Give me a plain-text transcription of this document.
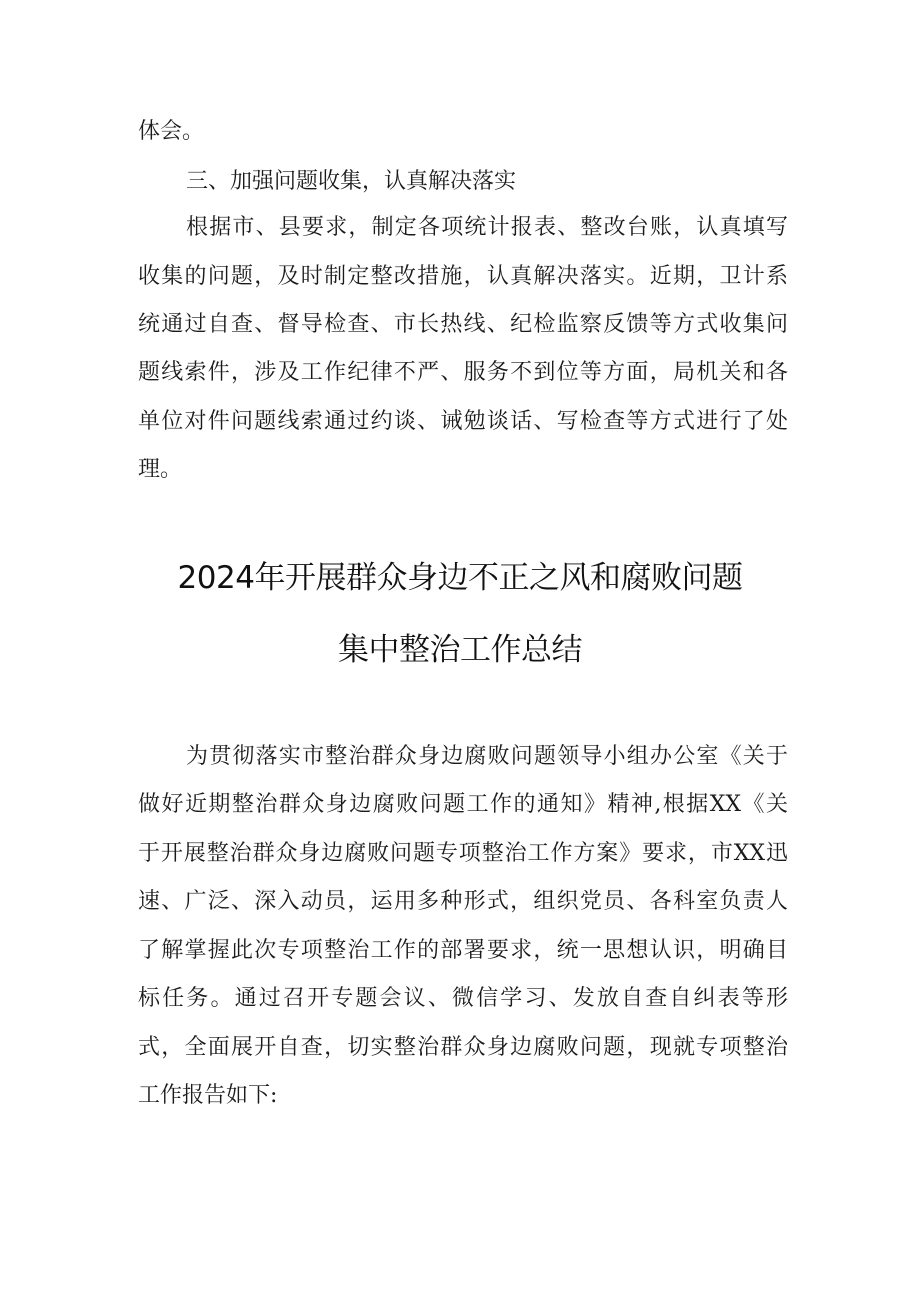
体会。
三、加强问题收集，认真解决落实
根据市、县要求，制定各项统计报表、整改台账，认真填写
收集的问题，及时制定整改措施，认真解决落实。近期，卫计系
统通过自查、督导检查、市长热线、纪检监察反馈等方式收集问
题线索件，涉及工作纪律不严、服务不到位等方面，局机关和各
单位对件问题线索通过约谈、诫勉谈话、写检查等方式进行了处
理。
2024年开展群众身边不正之风和腐败问题
集中整治工作总结
为贯彻落实市整治群众身边腐败问题领导小组办公室《关于
做好近期整治群众身边腐败问题工作的通知》精神,根据XX《关
于开展整治群众身边腐败问题专项整治工作方案》要求，市XX迅
速、广泛、深入动员，运用多种形式，组织党员、各科室负责人
了解掌握此次专项整治工作的部署要求，统一思想认识，明确目
标任务。通过召开专题会议、微信学习、发放自查自纠表等形
式，全面展开自查，切实整治群众身边腐败问题，现就专项整治
工作报告如下:
